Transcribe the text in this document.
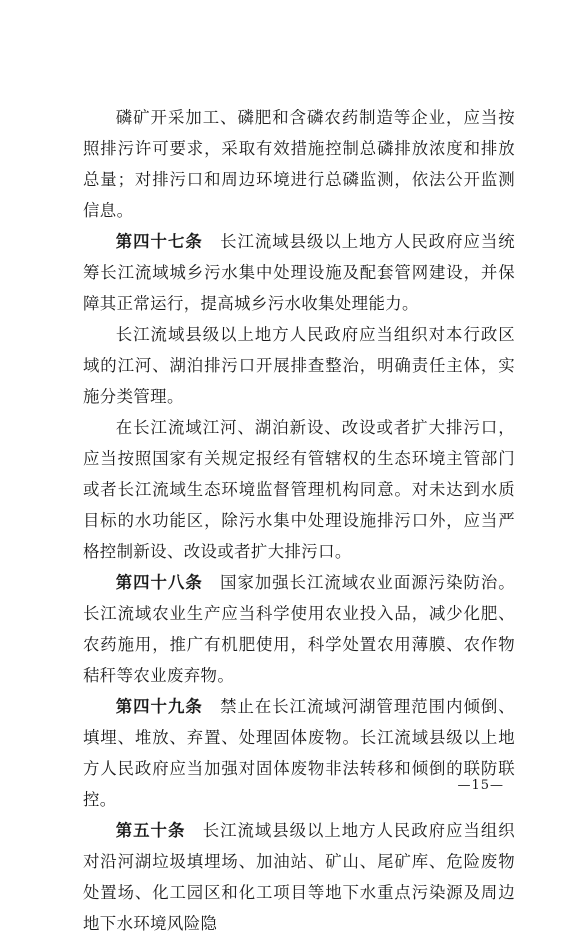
磷矿开采加工、磷肥和含磷农药制造等企业，应当按照排污许可要求，采取有效措施控制总磷排放浓度和排放总量；对排污口和周边环境进行总磷监测，依法公开监测信息。

第四十七条　长江流域县级以上地方人民政府应当统筹长江流域城乡污水集中处理设施及配套管网建设，并保障其正常运行，提高城乡污水收集处理能力。

长江流域县级以上地方人民政府应当组织对本行政区域的江河、湖泊排污口开展排查整治，明确责任主体，实施分类管理。

在长江流域江河、湖泊新设、改设或者扩大排污口，应当按照国家有关规定报经有管辖权的生态环境主管部门或者长江流域生态环境监督管理机构同意。对未达到水质目标的水功能区，除污水集中处理设施排污口外，应当严格控制新设、改设或者扩大排污口。

第四十八条　国家加强长江流域农业面源污染防治。长江流域农业生产应当科学使用农业投入品，减少化肥、农药施用，推广有机肥使用，科学处置农用薄膜、农作物秸秆等农业废弃物。

第四十九条　禁止在长江流域河湖管理范围内倾倒、填埋、堆放、弃置、处理固体废物。长江流域县级以上地方人民政府应当加强对固体废物非法转移和倾倒的联防联控。

第五十条　长江流域县级以上地方人民政府应当组织对沿河湖垃圾填埋场、加油站、矿山、尾矿库、危险废物处置场、化工园区和化工项目等地下水重点污染源及周边地下水环境风险隐

—15—
